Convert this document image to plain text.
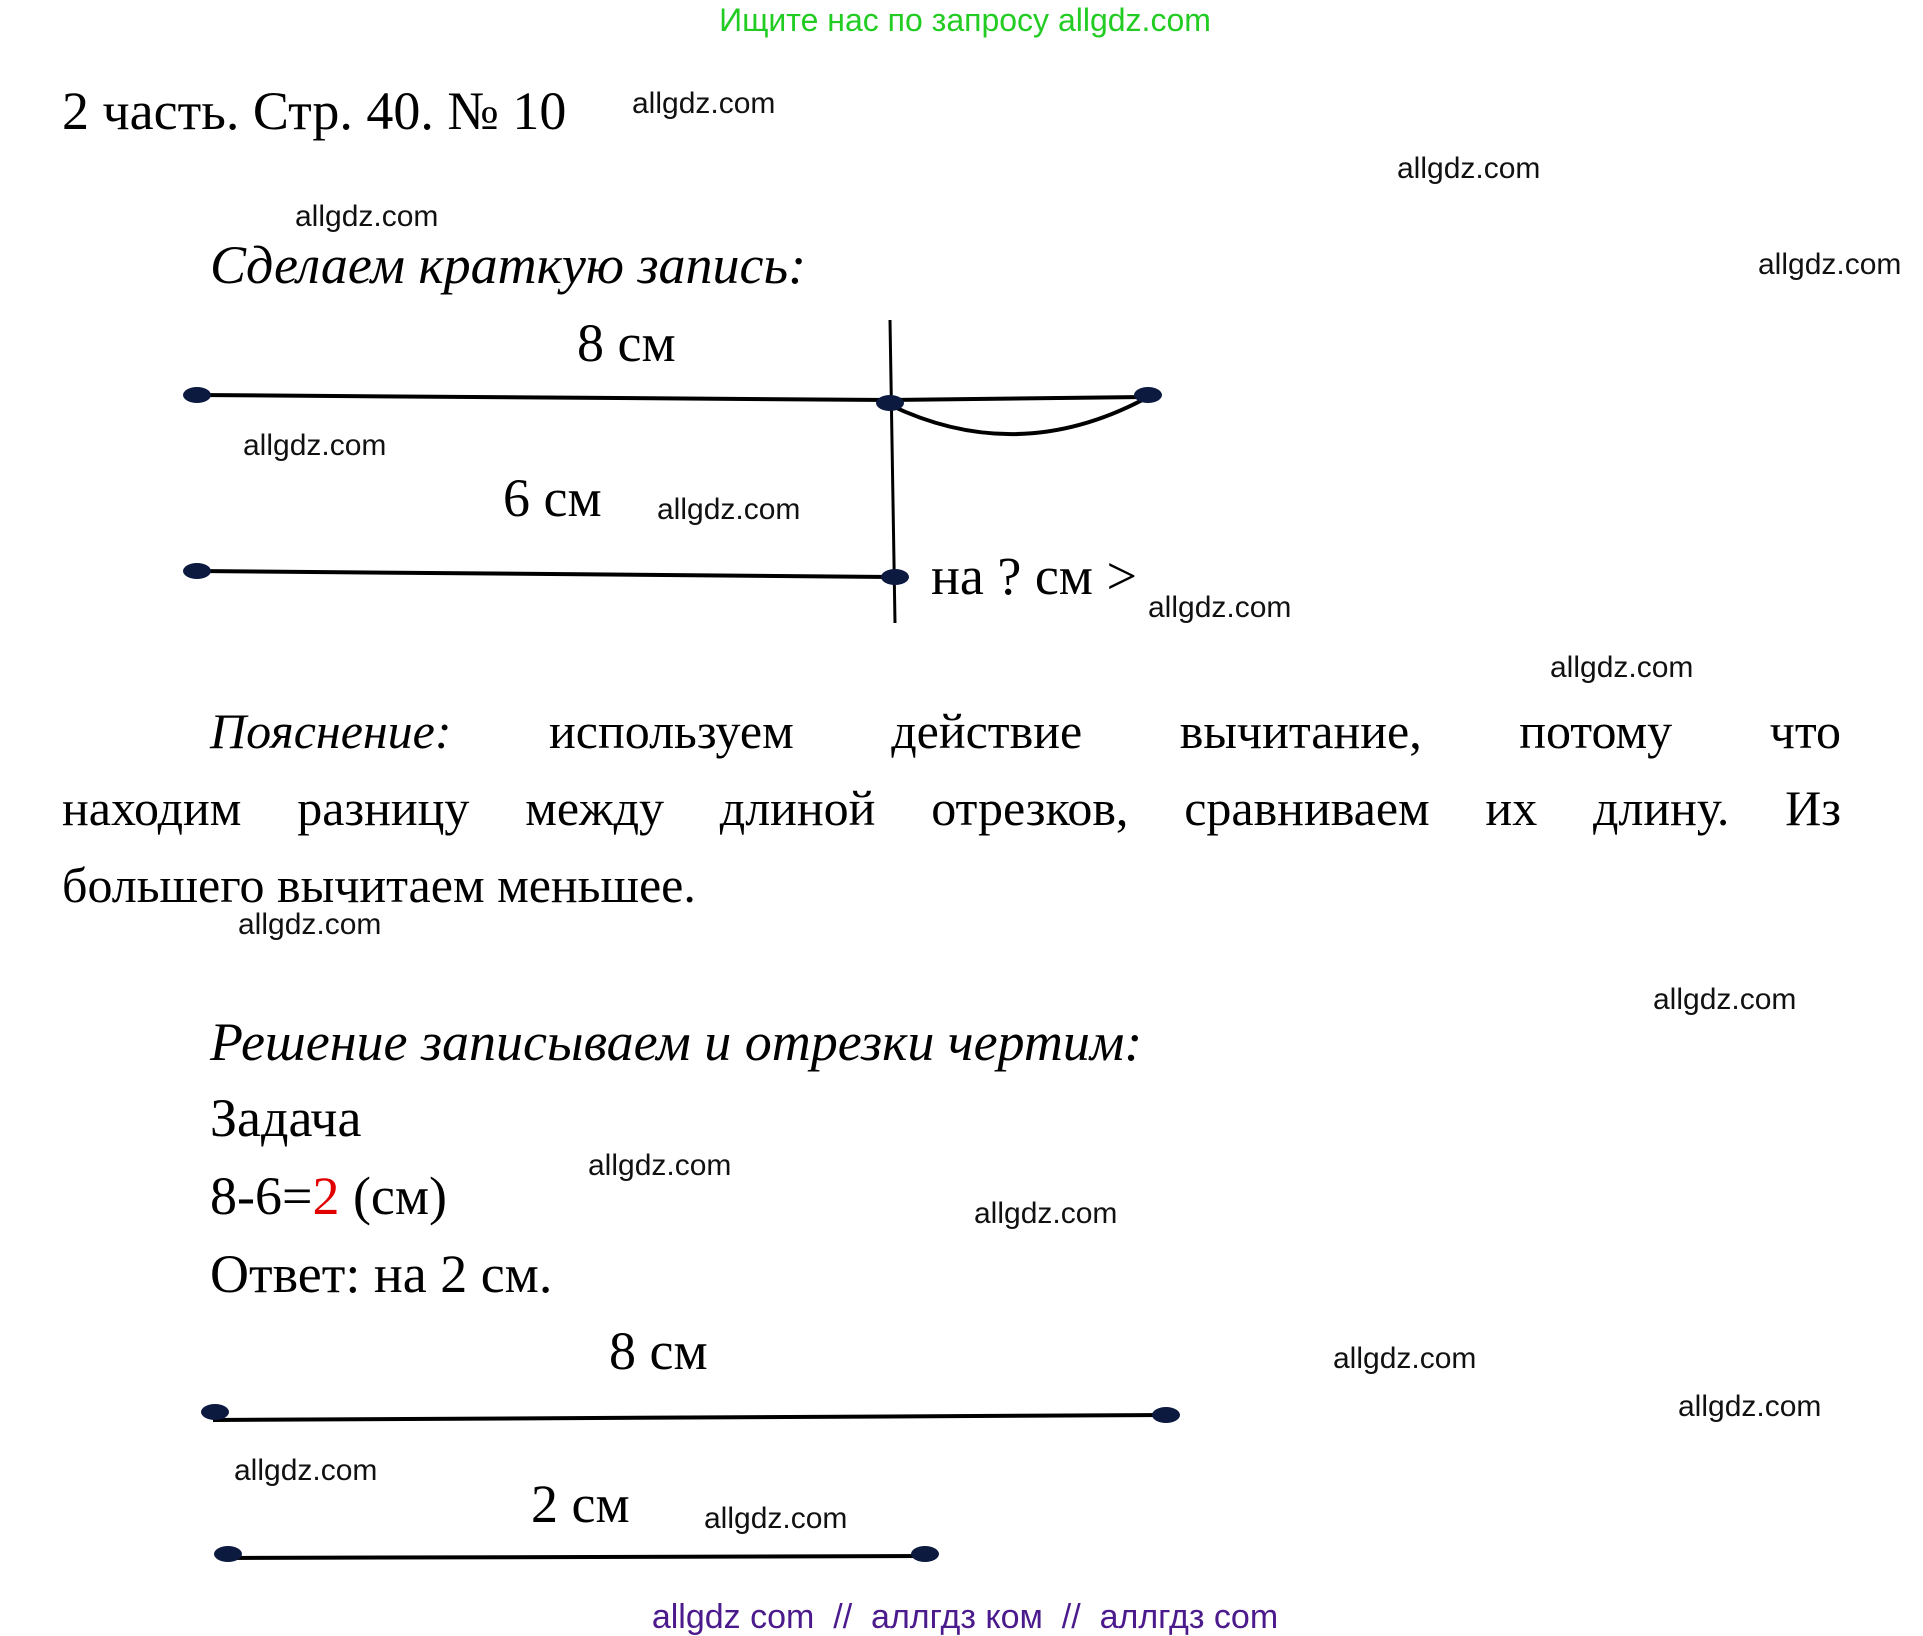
Ищите нас по запросу allgdz.com
2 часть. Стр. 40. № 10 allgdz.com
allgdz.com
allgdz.com
allgdz.com
allgdz.com
allgdz.com
allgdz.com
allgdz.com
allgdz.com
allgdz.com
allgdz.com
allgdz.com
allgdz.com
allgdz.com
allgdz.com
allgdz.com
Сделаем краткую запись:
8 см
6 см
на ? см >
Пояснение: используем действие вычитание, потому что
находим разницу между длиной отрезков, сравниваем их длину. Из
большего вычитаем меньшее.
Решение записываем и отрезки чертим:
Задача
8-6=2 (см)
Ответ: на 2 см.
8 см
2 см
allgdz com  //  аллгдз ком  //  аллгдз com
